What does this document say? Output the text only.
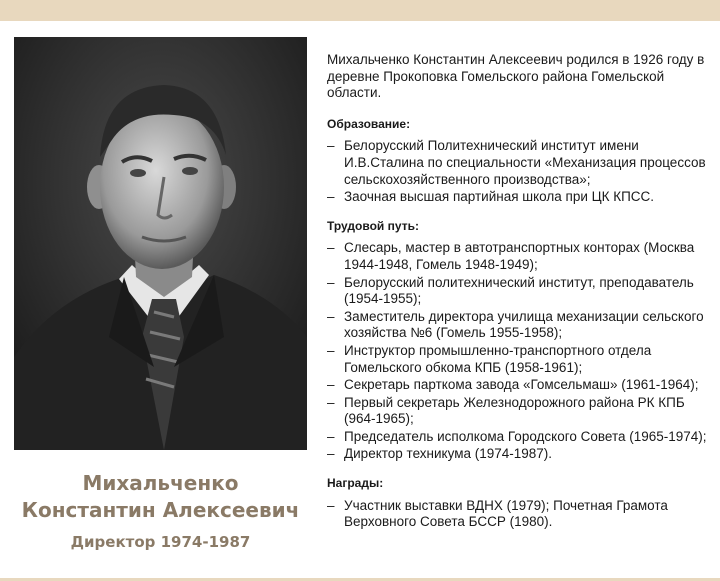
Михальченко
Константин Алексеевич
Директор 1974-1987

Михальченко Константин Алексеевич родился в 1926 году в деревне Прокоповка Гомельского района Гомельской области.

Образование:
– Белорусский Политехнический институт имени И.В.Сталина по специальности «Механизация процессов сельскохозяйственного производства»;
– Заочная высшая партийная школа при ЦК КПСС.
Трудовой путь:
– Слесарь, мастер в автотранспортных конторах (Москва 1944-1948, Гомель 1948-1949);
– Белорусский политехнический институт, преподаватель (1954-1955);
– Заместитель директора училища механизации сельского хозяйства №6 (Гомель 1955-1958);
– Инструктор промышленно-транспортного отдела Гомельского обкома КПБ (1958-1961);
– Секретарь парткома завода «Гомсельмаш» (1961-1964);
– Первый секретарь Железнодорожного района РК КПБ (964-1965);
– Председатель исполкома Городского Совета (1965-1974);
– Директор техникума (1974-1987).
Награды:
– Участник выставки ВДНХ (1979); Почетная Грамота Верховного Совета БССР (1980).
